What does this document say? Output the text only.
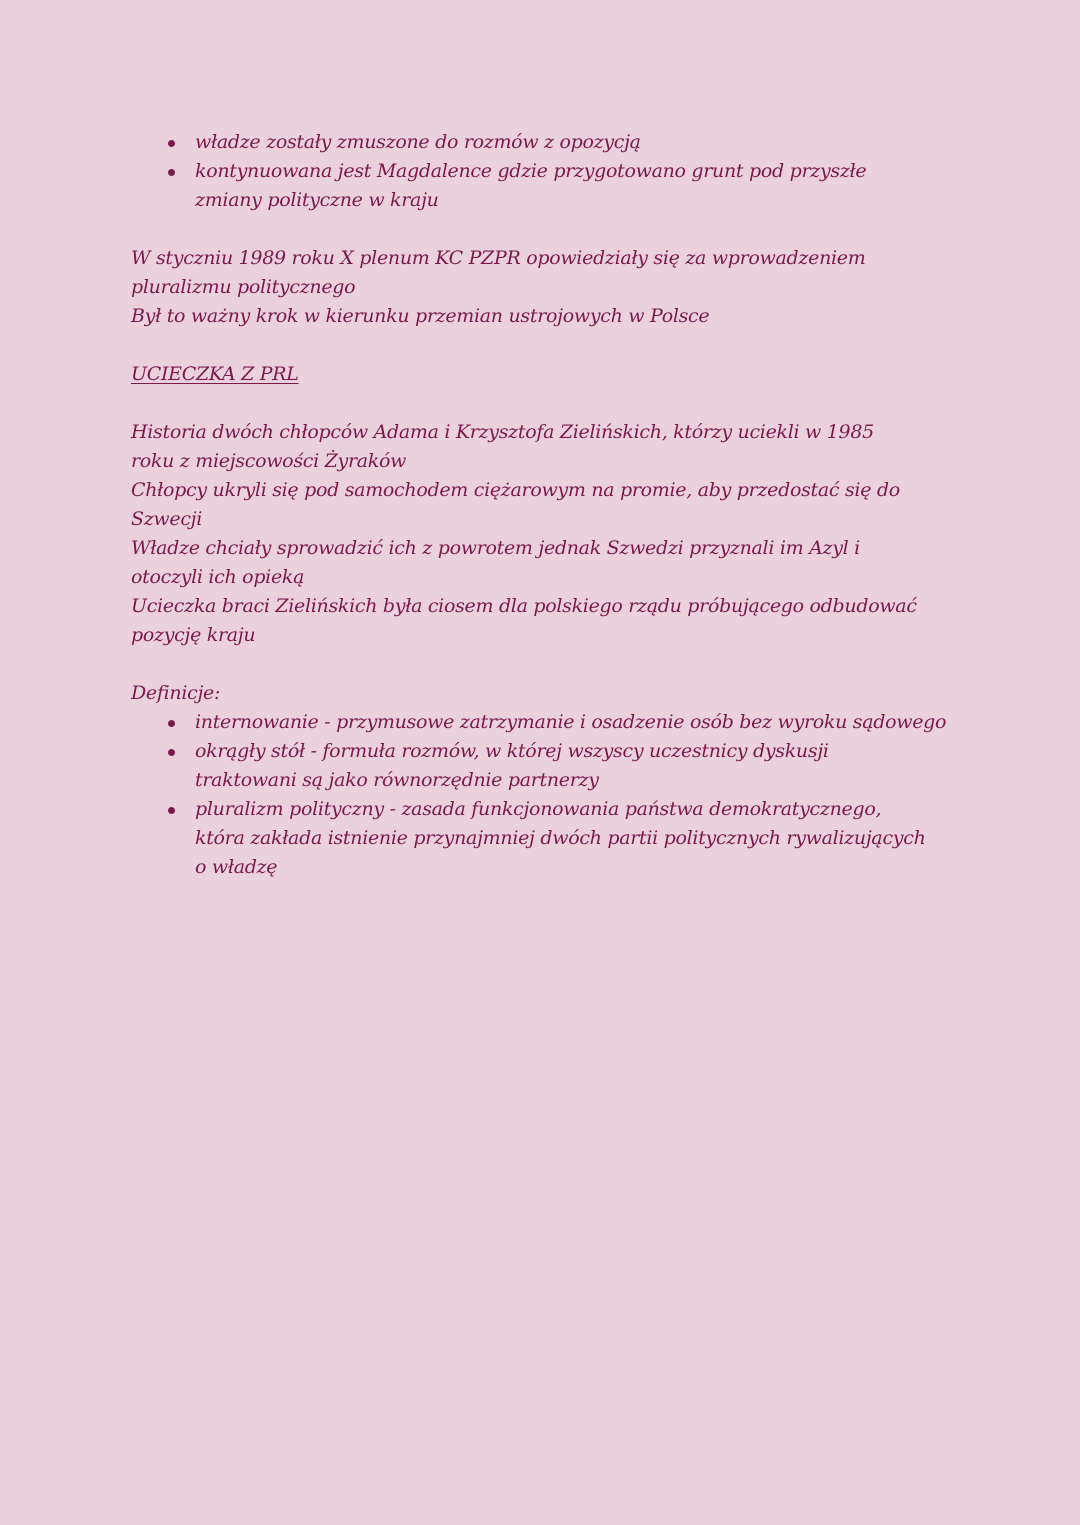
władze zostały zmuszone do rozmów z opozycją
kontynuowana jest Magdalence gdzie przygotowano grunt pod przyszłe zmiany polityczne w kraju

W styczniu 1989 roku X plenum KC PZPR opowiedziały się za wprowadzeniem pluralizmu politycznego

Był to ważny krok w kierunku przemian ustrojowych w Polsce

UCIECZKA Z PRL

Historia dwóch chłopców Adama i Krzysztofa Zielińskich, którzy uciekli w 1985 roku z miejscowości Żyraków

Chłopcy ukryli się pod samochodem ciężarowym na promie, aby przedostać się do Szwecji

Władze chciały sprowadzić ich z powrotem jednak Szwedzi przyznali im Azyl i otoczyli ich opieką

Ucieczka braci Zielińskich była ciosem dla polskiego rządu próbującego odbudować pozycję kraju

Definicje:

internowanie - przymusowe zatrzymanie i osadzenie osób bez wyroku sądowego
okrągły stół - formuła rozmów, w której wszyscy uczestnicy dyskusji traktowani są jako równorzędnie partnerzy
pluralizm polityczny - zasada funkcjonowania państwa demokratycznego, która zakłada istnienie przynajmniej dwóch partii politycznych rywalizujących o władzę
